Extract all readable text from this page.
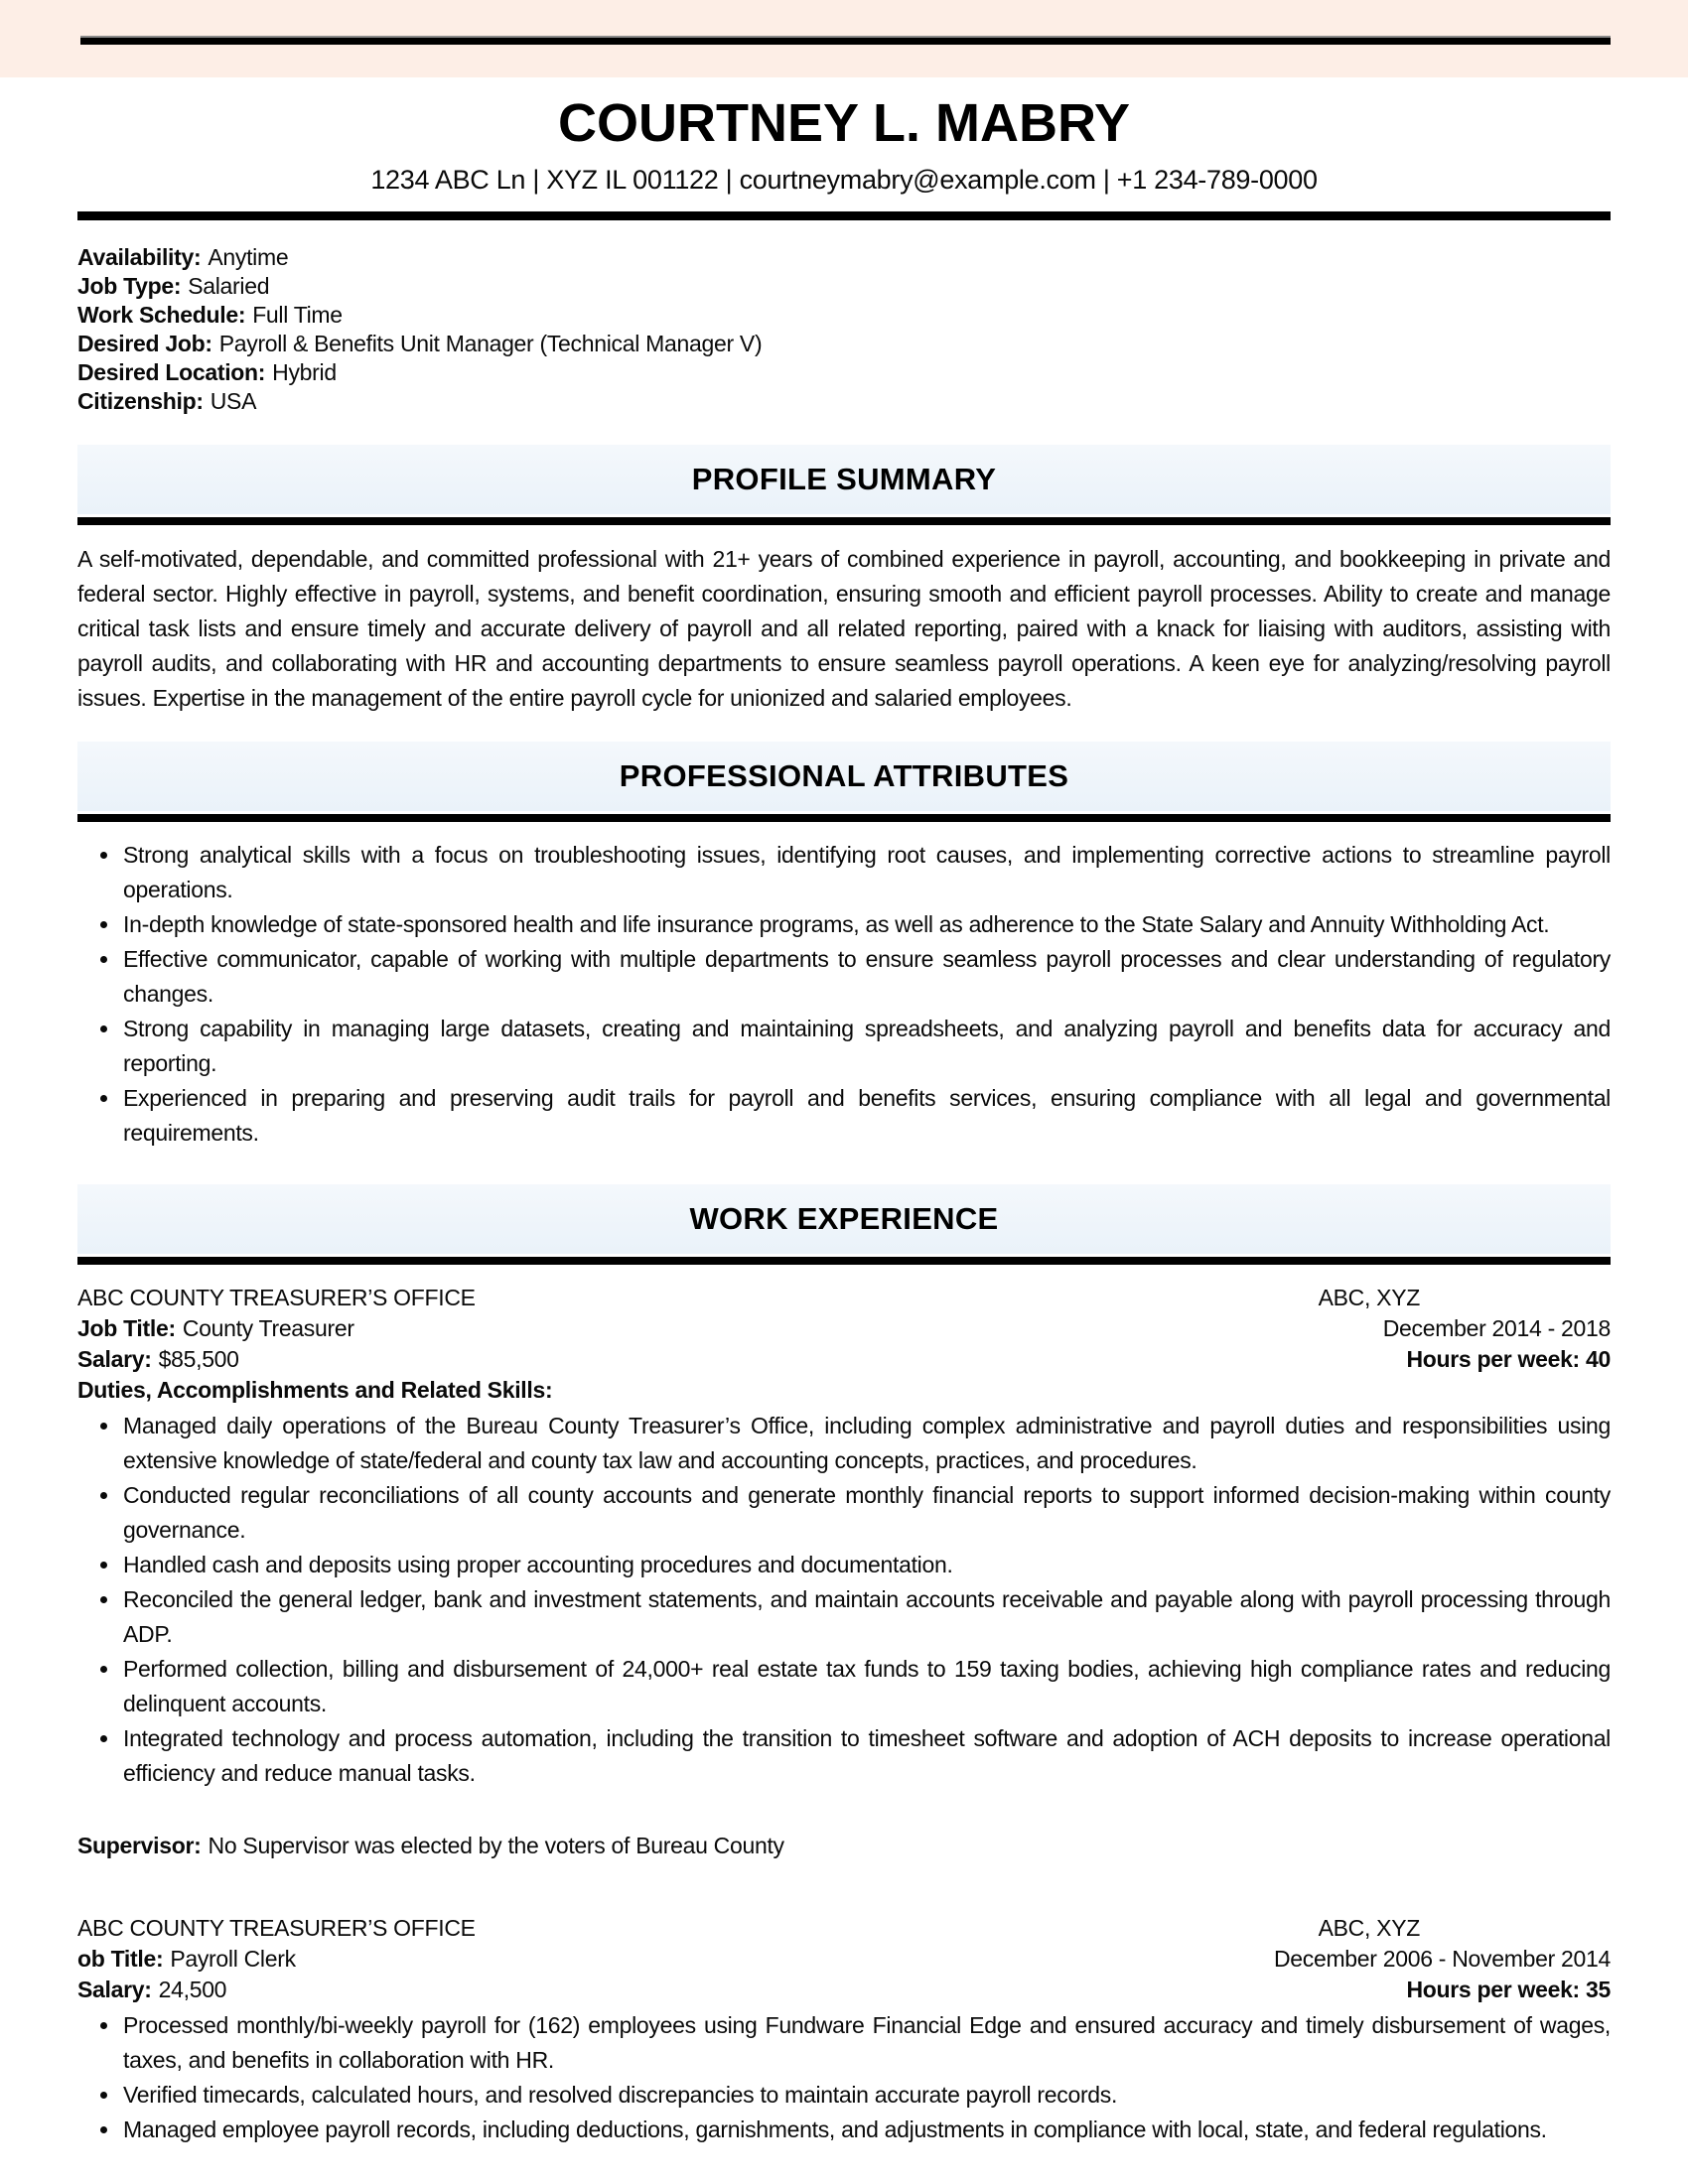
COURTNEY L. MABRY
1234 ABC Ln | XYZ IL 001122 | courtneymabry@example.com | +1 234-789-0000
Availability: Anytime
Job Type: Salaried
Work Schedule: Full Time
Desired Job: Payroll & Benefits Unit Manager (Technical Manager V)
Desired Location: Hybrid
Citizenship: USA
PROFILE SUMMARY

A self-motivated, dependable, and committed professional with 21+ years of combined experience in payroll, accounting, and bookkeeping in private and federal sector. Highly effective in payroll, systems, and benefit coordination, ensuring smooth and efficient payroll processes. Ability to create and manage critical task lists and ensure timely and accurate delivery of payroll and all related reporting, paired with a knack for liaising with auditors, assisting with payroll audits, and collaborating with HR and accounting departments to ensure seamless payroll operations. A keen eye for analyzing/resolving payroll issues. Expertise in the management of the entire payroll cycle for unionized and salaried employees.

PROFESSIONAL ATTRIBUTES
• Strong analytical skills with a focus on troubleshooting issues, identifying root causes, and implementing corrective actions to streamline payroll operations.
• In-depth knowledge of state-sponsored health and life insurance programs, as well as adherence to the State Salary and Annuity Withholding Act.
• Effective communicator, capable of working with multiple departments to ensure seamless payroll processes and clear understanding of regulatory changes.
• Strong capability in managing large datasets, creating and maintaining spreadsheets, and analyzing payroll and benefits data for accuracy and reporting.
• Experienced in preparing and preserving audit trails for payroll and benefits services, ensuring compliance with all legal and governmental requirements.
WORK EXPERIENCE
ABC COUNTY TREASURER’S OFFICE	ABC, XYZ
Job Title: County Treasurer	December 2014 - 2018
Salary: $85,500	Hours per week: 40
Duties, Accomplishments and Related Skills:
• Managed daily operations of the Bureau County Treasurer’s Office, including complex administrative and payroll duties and responsibilities using extensive knowledge of state/federal and county tax law and accounting concepts, practices, and procedures.
• Conducted regular reconciliations of all county accounts and generate monthly financial reports to support informed decision-making within county governance.
• Handled cash and deposits using proper accounting procedures and documentation.
• Reconciled the general ledger, bank and investment statements, and maintain accounts receivable and payable along with payroll processing through ADP.
• Performed collection, billing and disbursement of 24,000+ real estate tax funds to 159 taxing bodies, achieving high compliance rates and reducing delinquent accounts.
• Integrated technology and process automation, including the transition to timesheet software and adoption of ACH deposits to increase operational efficiency and reduce manual tasks.
Supervisor: No Supervisor was elected by the voters of Bureau County
ABC COUNTY TREASURER’S OFFICE	ABC, XYZ
ob Title: Payroll Clerk	December 2006 - November 2014
Salary: 24,500	Hours per week: 35
• Processed monthly/bi-weekly payroll for (162) employees using Fundware Financial Edge and ensured accuracy and timely disbursement of wages, taxes, and benefits in collaboration with HR.
• Verified timecards, calculated hours, and resolved discrepancies to maintain accurate payroll records.
• Managed employee payroll records, including deductions, garnishments, and adjustments in compliance with local, state, and federal regulations.
